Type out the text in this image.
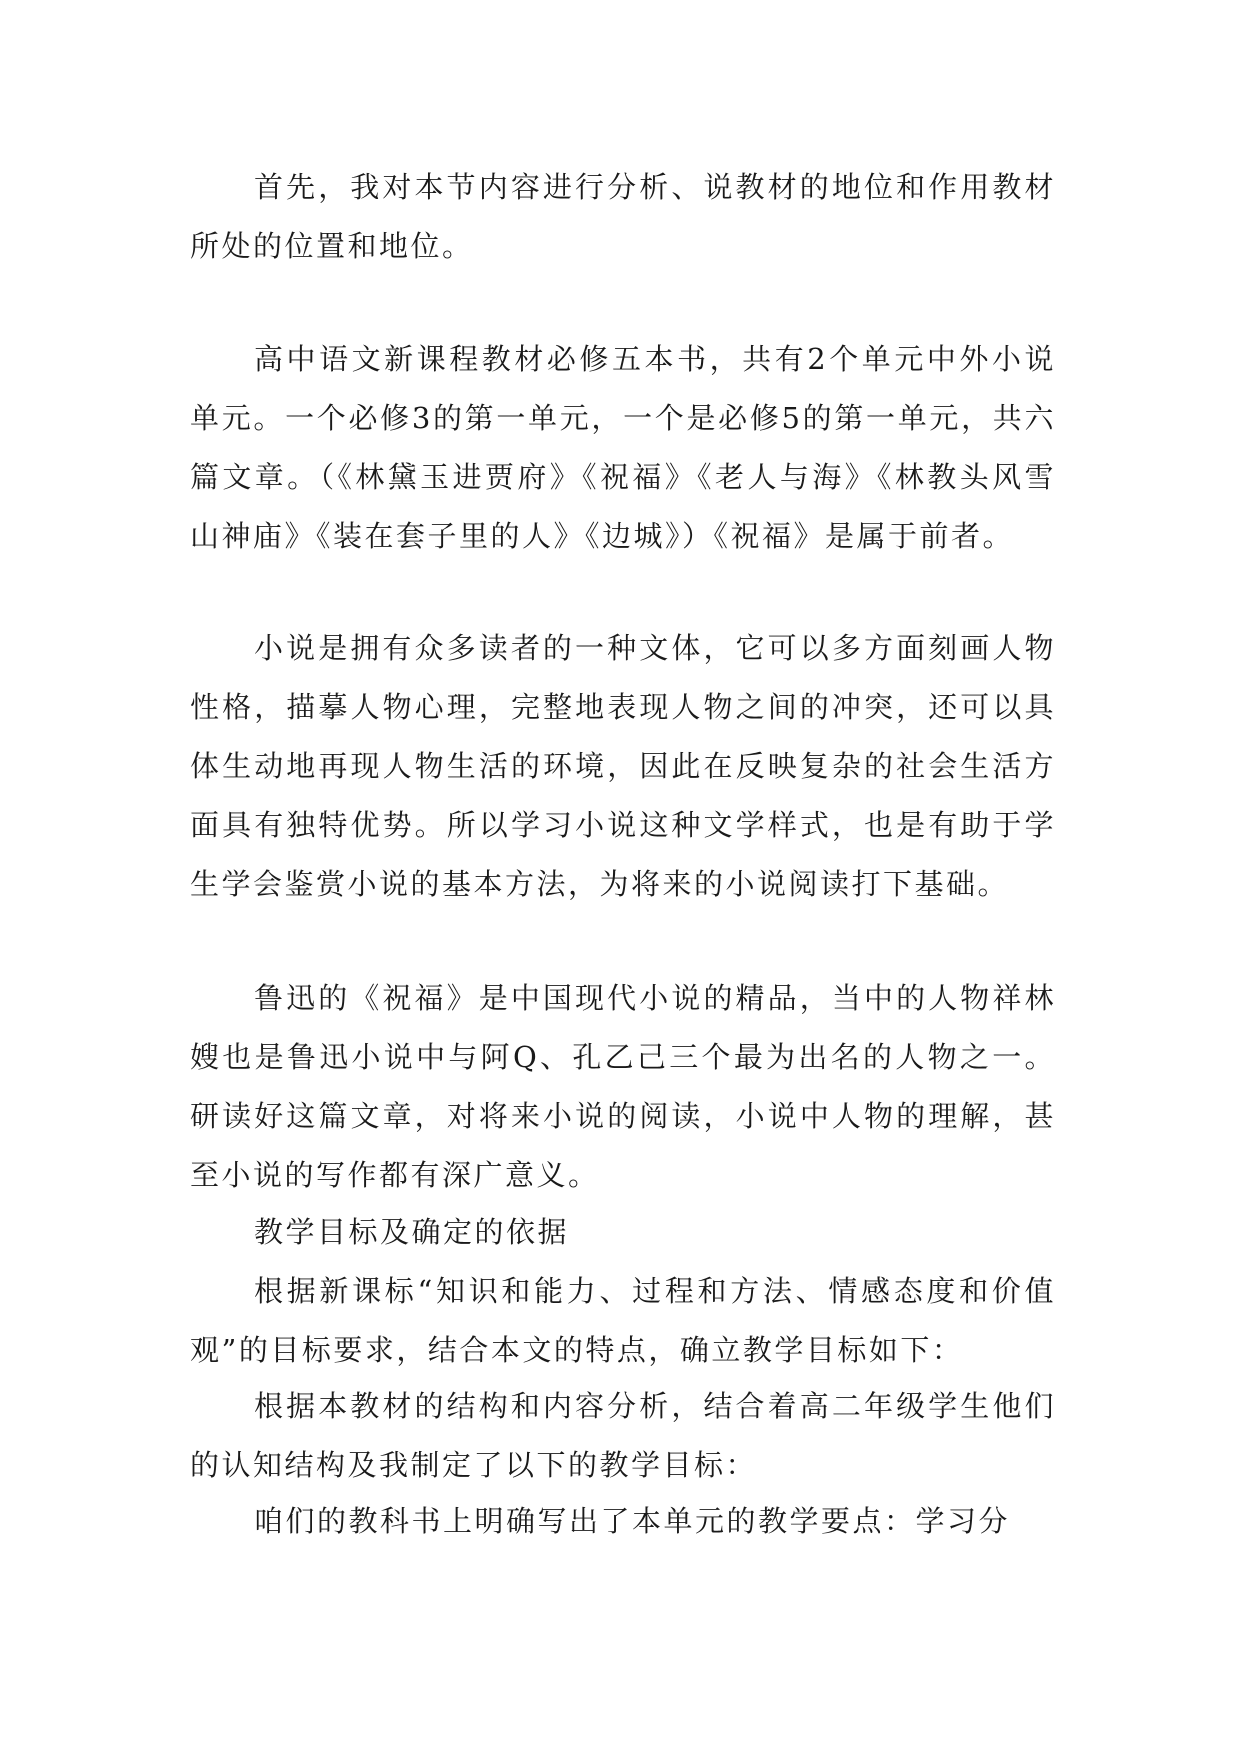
首先，我对本节内容进行分析、说教材的地位和作用教材所处的位置和地位。

高中语文新课程教材必修五本书，共有2个单元中外小说单元。一个必修3的第一单元，一个是必修5的第一单元，共六篇文章。（《林黛玉进贾府》《祝福》《老人与海》《林教头风雪山神庙》《装在套子里的人》《边城》）《祝福》是属于前者。

小说是拥有众多读者的一种文体，它可以多方面刻画人物性格，描摹人物心理，完整地表现人物之间的冲突，还可以具体生动地再现人物生活的环境，因此在反映复杂的社会生活方面具有独特优势。所以学习小说这种文学样式，也是有助于学生学会鉴赏小说的基本方法，为将来的小说阅读打下基础。

鲁迅的《祝福》是中国现代小说的精品，当中的人物祥林嫂也是鲁迅小说中与阿Q、孔乙己三个最为出名的人物之一。研读好这篇文章，对将来小说的阅读，小说中人物的理解，甚至小说的写作都有深广意义。

教学目标及确定的依据

根据新课标“知识和能力、过程和方法、情感态度和价值观”的目标要求，结合本文的特点，确立教学目标如下：

根据本教材的结构和内容分析，结合着高二年级学生他们的认知结构及我制定了以下的教学目标：

咱们的教科书上明确写出了本单元的教学要点：学习分
